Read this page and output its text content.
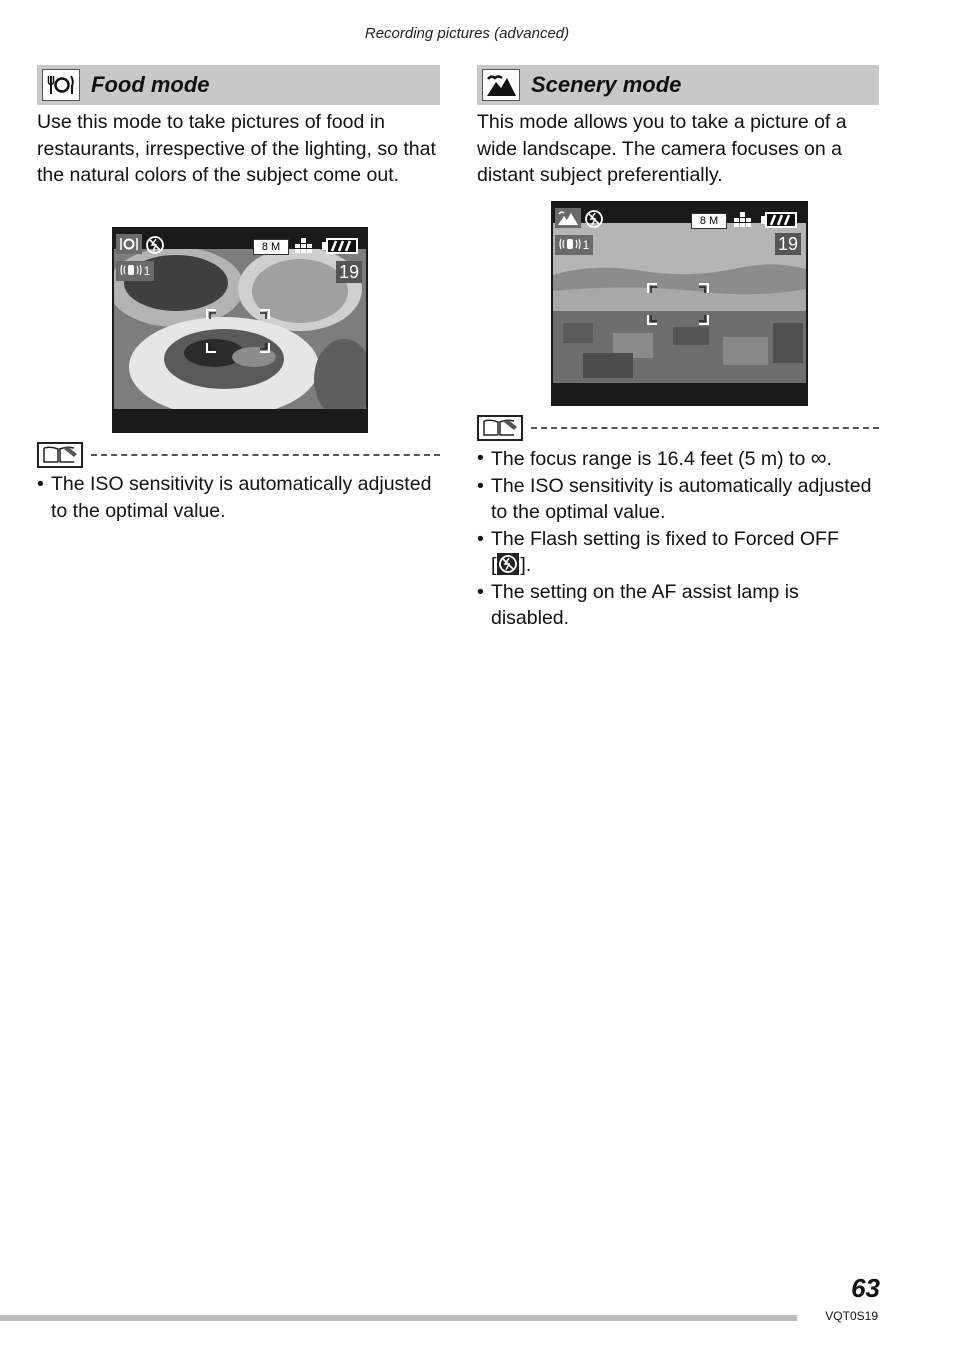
Recording pictures (advanced)
Food mode

Use this mode to take pictures of food in restaurants, irrespective of the lighting, so that the natural colors of the subject come out.

8 M
1	19
• The ISO sensitivity is automatically adjusted to the optimal value.
Scenery mode

This mode allows you to take a picture of a wide landscape. The camera focuses on a distant subject preferentially.

8 M
1	19
• The focus range is 16.4 feet (5 m) to ∞.
• The ISO sensitivity is automatically adjusted to the optimal value.
• The Flash setting is fixed to Forced OFF
[ ].
• The setting on the AF assist lamp is disabled.
63
VQT0S19
